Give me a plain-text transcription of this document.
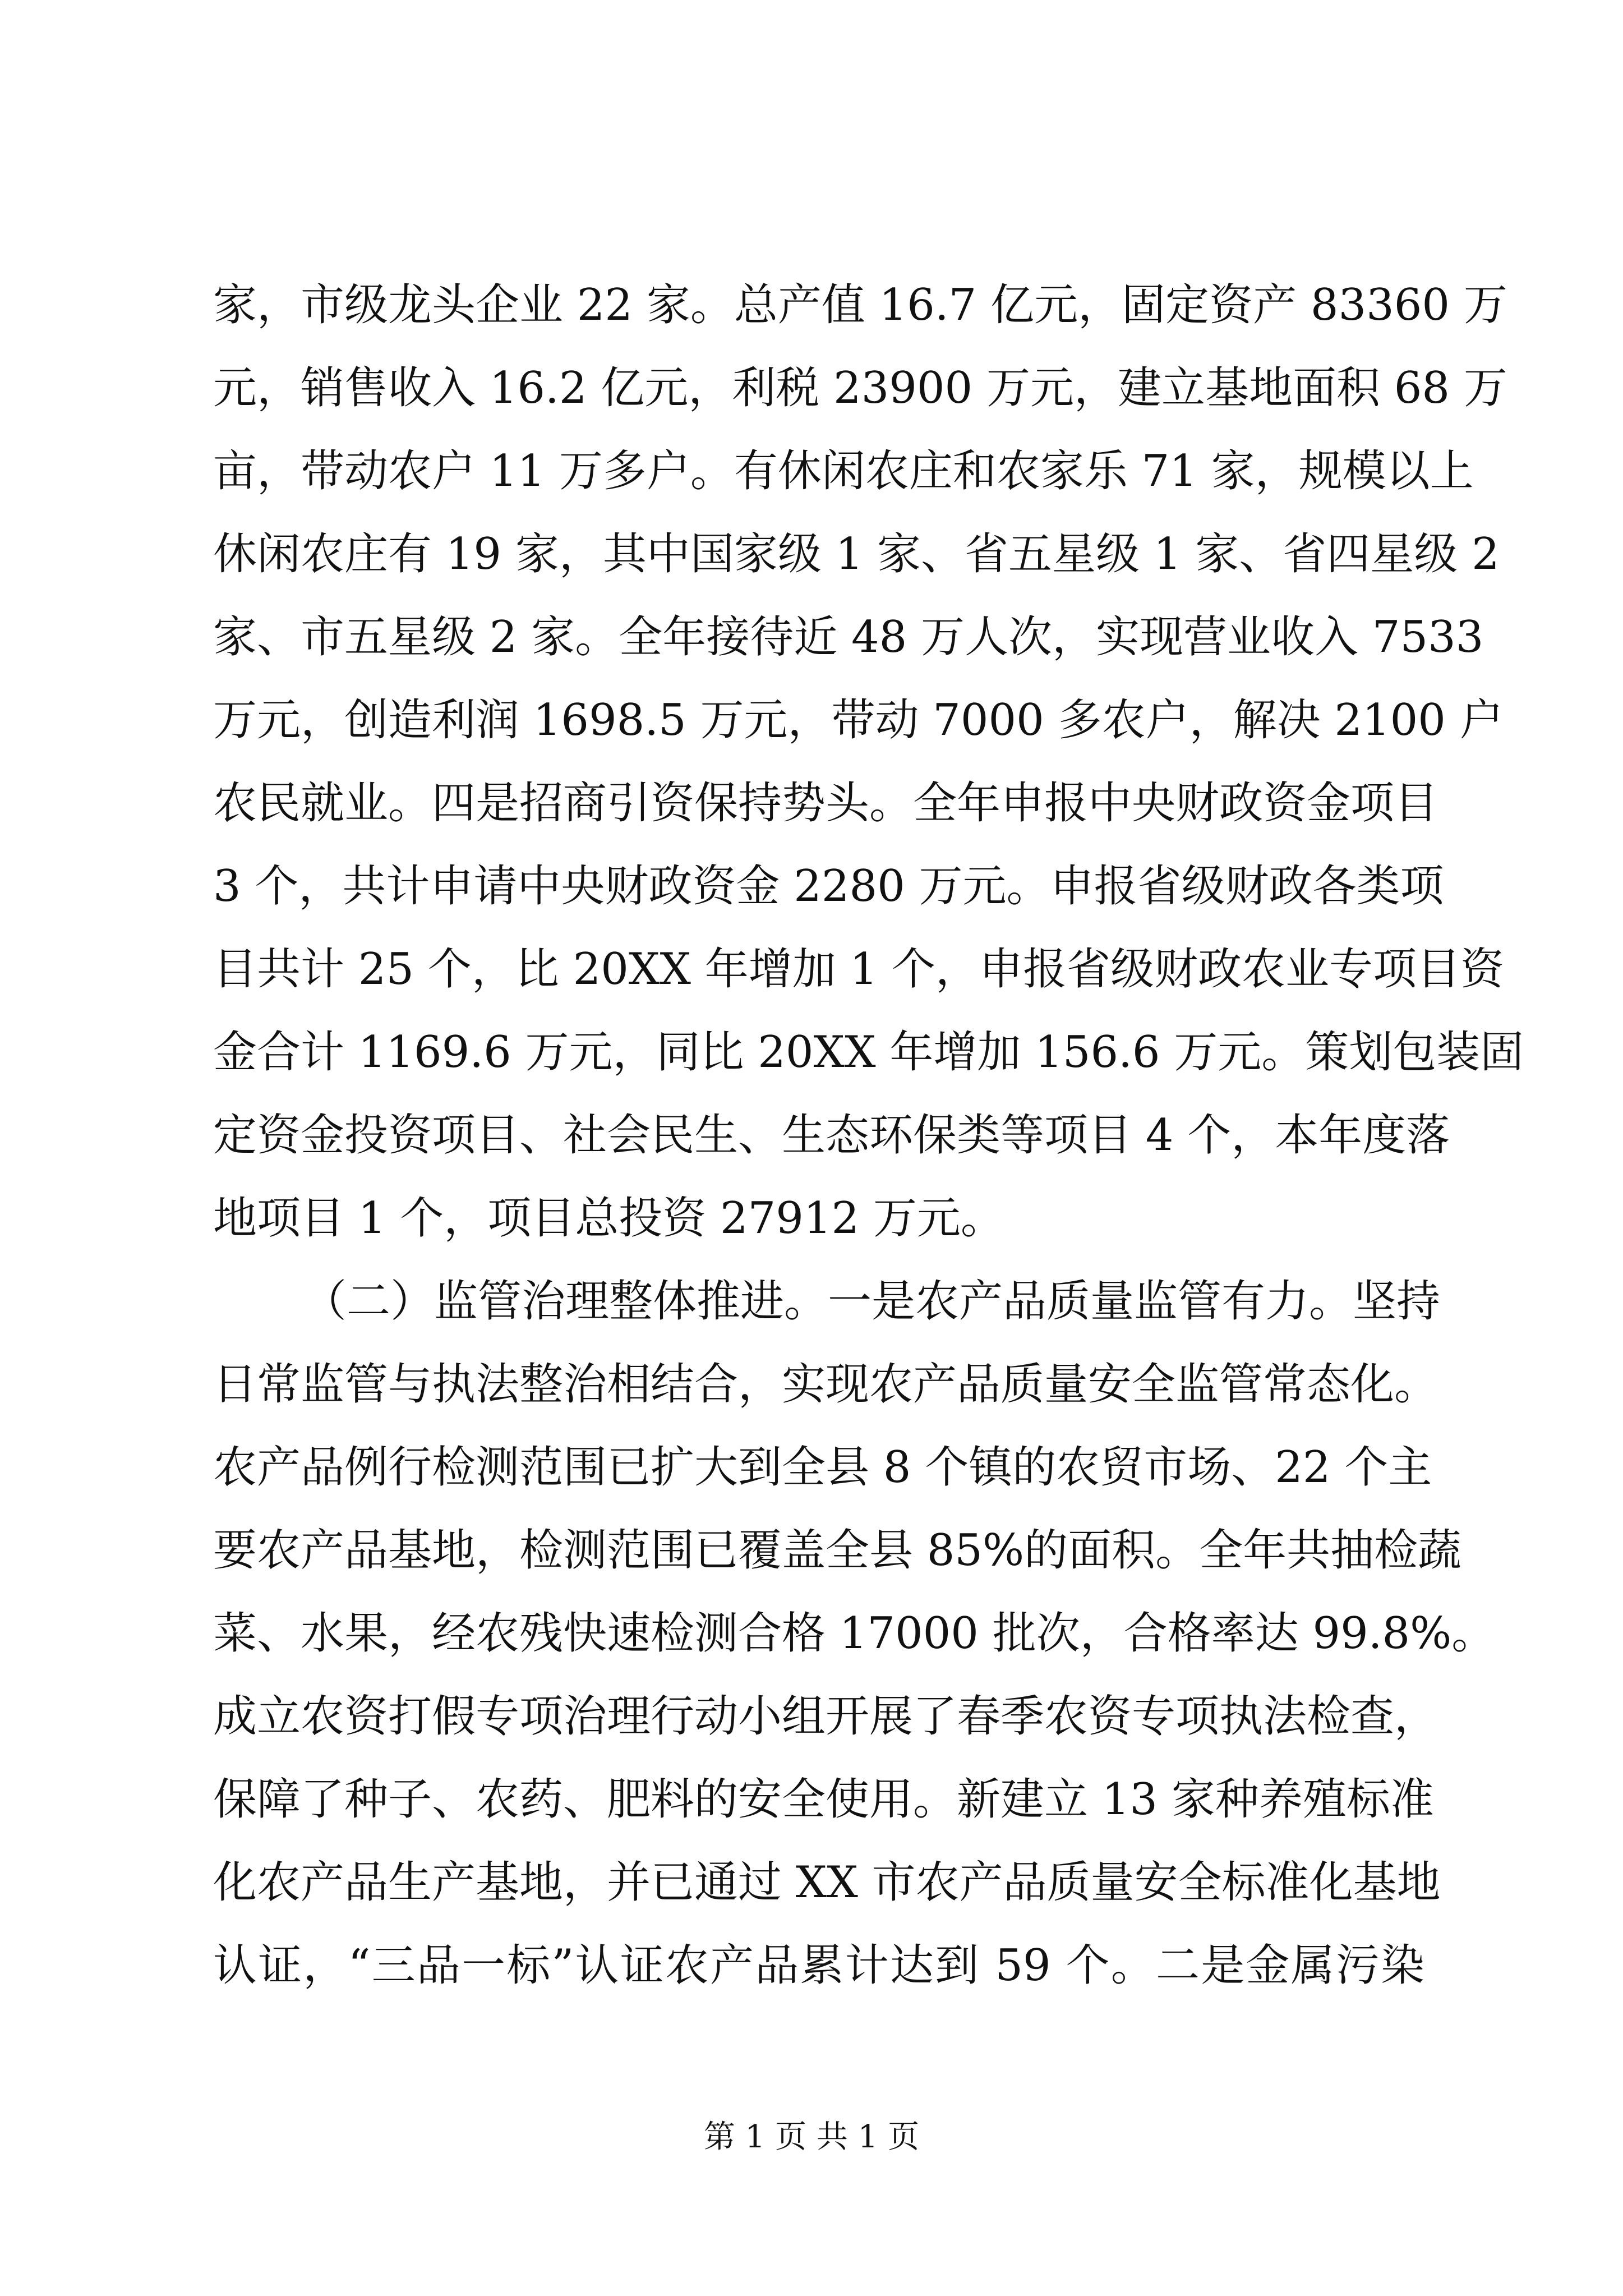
家，市级龙头企业 22 家。总产值 16.7 亿元，固定资产 83360 万
元，销售收入 16.2 亿元，利税 23900 万元，建立基地面积 68 万
亩，带动农户 11 万多户。有休闲农庄和农家乐 71 家，规模以上
休闲农庄有 19 家，其中国家级 1 家、省五星级 1 家、省四星级 2
家、市五星级 2 家。全年接待近 48 万人次，实现营业收入 7533
万元，创造利润 1698.5 万元，带动 7000 多农户，解决 2100 户
农民就业。四是招商引资保持势头。全年申报中央财政资金项目
3 个，共计申请中央财政资金 2280 万元。申报省级财政各类项
目共计 25 个，比 20XX 年增加 1 个，申报省级财政农业专项目资
金合计 1169.6 万元，同比 20XX 年增加 156.6 万元。策划包装固
定资金投资项目、社会民生、生态环保类等项目 4 个，本年度落
地项目 1 个，项目总投资 27912 万元。
（二）监管治理整体推进。一是农产品质量监管有力。坚持
日常监管与执法整治相结合，实现农产品质量安全监管常态化。
农产品例行检测范围已扩大到全县 8 个镇的农贸市场、22 个主
要农产品基地，检测范围已覆盖全县 85%的面积。全年共抽检蔬
菜、水果，经农残快速检测合格 17000 批次，合格率达 99.8%。
成立农资打假专项治理行动小组开展了春季农资专项执法检查，
保障了种子、农药、肥料的安全使用。新建立 13 家种养殖标准
化农产品生产基地，并已通过 XX 市农产品质量安全标准化基地
认证，“三品一标”认证农产品累计达到 59 个。二是金属污染
第 1 页 共 1 页
